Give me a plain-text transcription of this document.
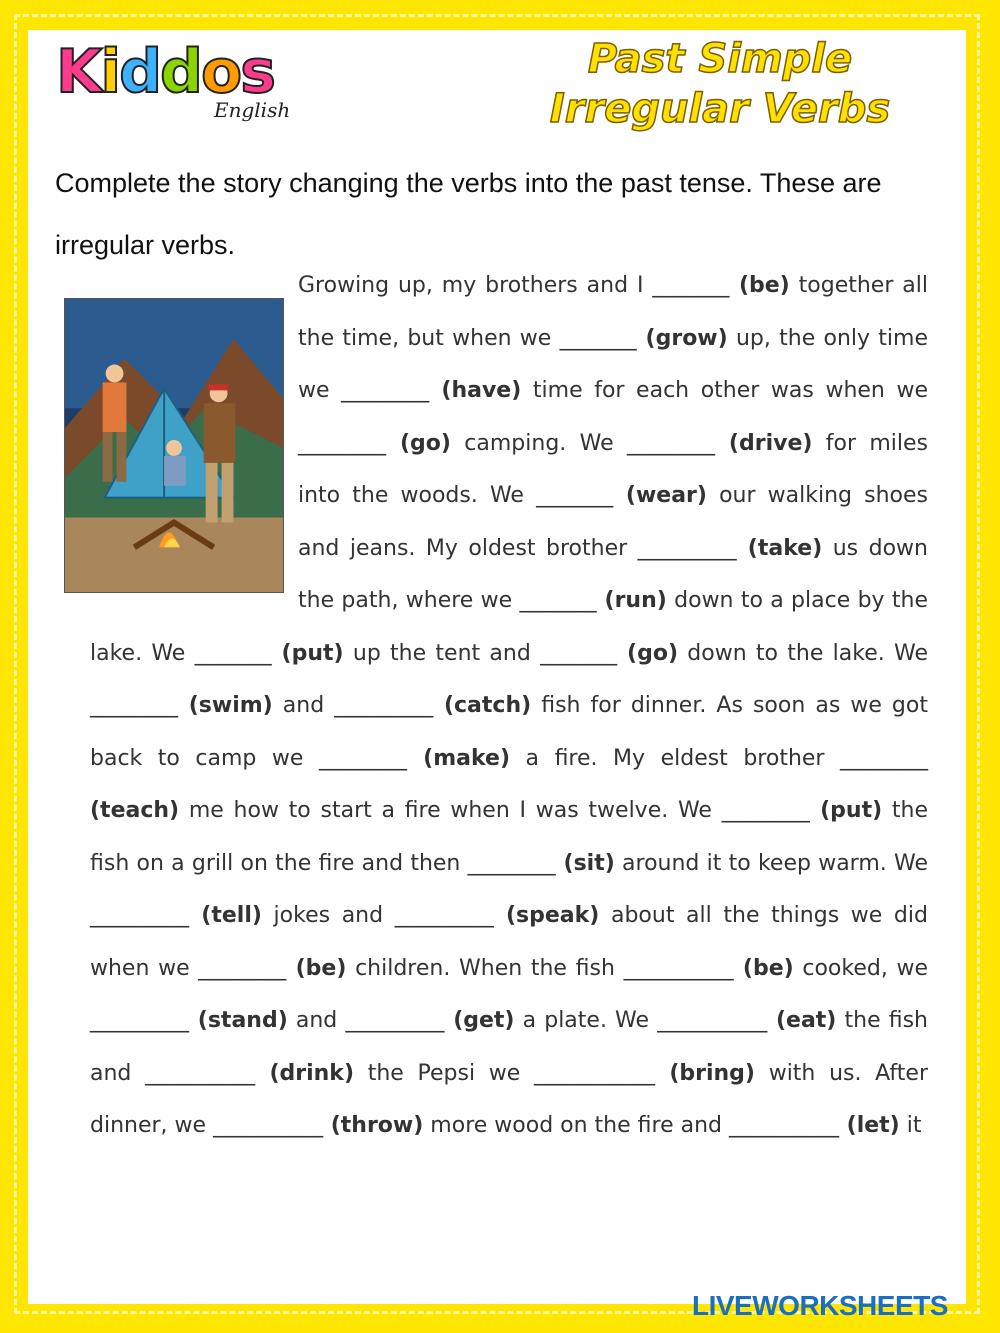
Kiddos
English
Past Simple
Irregular Verbs
Complete the story changing the verbs into the past tense. These are irregular verbs.
Growing up, my brothers and I _______ (be) together all the time, but when we _______ (grow) up, the only time we ________ (have) time for each other was when we ________ (go) camping. We ________ (drive) for miles into the woods. We _______ (wear) our walking shoes and jeans. My oldest brother _________ (take) us down the path, where we _______ (run) down to a place by the lake. We _______ (put) up the tent and _______ (go) down to the lake. We ________ (swim) and _________ (catch) fish for dinner. As soon as we got back to camp we ________ (make) a fire. My eldest brother ________ (teach) me how to start a fire when I was twelve. We ________ (put) the fish on a grill on the fire and then ________ (sit) around it to keep warm. We _________ (tell) jokes and _________ (speak) about all the things we did when we ________ (be) children. When the fish __________ (be) cooked, we _________ (stand) and _________ (get) a plate. We __________ (eat) the fish and __________ (drink) the Pepsi we ___________ (bring) with us. After dinner, we __________ (throw) more wood on the fire and __________ (let) it
LIVEWORKSHEETS
